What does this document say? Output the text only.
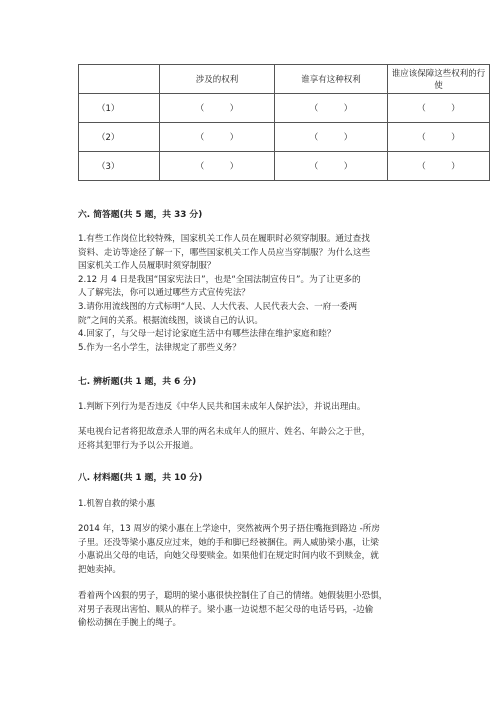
	涉及的权利	谁享有这种权利	谁应该保障这些权利的行使
（1）	（　　　）	（　　　）	（　　　）
（2）	（　　　）	（　　　）	（　　　）
（3）	（　　　）	（　　　）	（　　　）

六. 简答题(共 5 题，共 33 分)

1.有些工作岗位比较特殊，国家机关工作人员在履职时必须穿制服。通过查找

资料、走访等途径了解一下，哪些国家机关工作人员应当穿制服？为什么这些

国家机关工作人员履职时须穿制服？

2.12 月 4 日是我国“国家宪法日”，也是“全国法制宣传日”。为了让更多的

人了解宪法，你可以通过哪些方式宣传宪法？

3.请你用流线图的方式标明“人民、人大代表、人民代表大会、一府一委两

院”之间的关系。根据流线图，谈谈自己的认识。

4.回家了，与父母一起讨论家庭生活中有哪些法律在维护家庭和睦？

5.作为一名小学生，法律规定了那些义务？

七. 辨析题(共 1 题，共 6 分)

1.判断下列行为是否违反《中华人民共和国未成年人保护法》，并说出理由。

某电视台记者将犯故意杀人罪的两名未成年人的照片、姓名、年龄公之于世，

还将其犯罪行为予以公开报道。

八. 材料题(共 1 题，共 10 分)

1.机智自救的梁小惠

2014 年，13 周岁的梁小惠在上学途中，突然被两个男子捂住嘴拖到路边 -所房

子里。还没等梁小惠反应过来，她的手和脚已经被捆住。两人威胁梁小惠，让梁

小惠说出父母的电话，向她父母要赎金。如果他们在规定时间内收不到赎金，就

把她卖掉。

看着两个凶狠的男子，聪明的梁小惠很快控制住了自己的情绪。她假装胆小恐惧，

对男子表现出害怕、顺从的样子。梁小惠一边说想不起父母的电话号码，-边偷

偷松动捆在手腕上的绳子。
